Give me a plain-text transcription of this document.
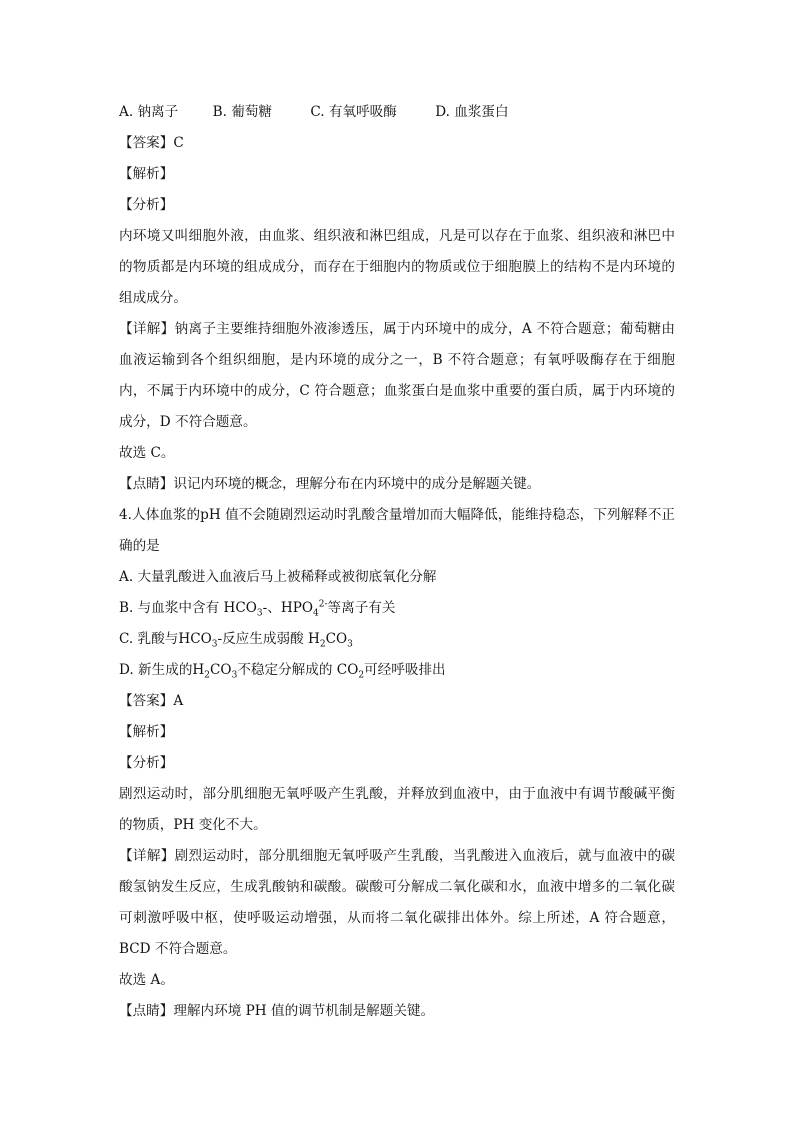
A. 钠离子	B. 葡萄糖	C. 有氧呼吸酶	D. 血浆蛋白
【答案】C
【解析】
【分析】
内环境又叫细胞外液，由血浆、组织液和淋巴组成，凡是可以存在于血浆、组织液和淋巴中的物质都是内环境的组成成分，而存在于细胞内的物质或位于细胞膜上的结构不是内环境的组成成分。
【详解】钠离子主要维持细胞外液渗透压，属于内环境中的成分，A 不符合题意；葡萄糖由血液运输到各个组织细胞，是内环境的成分之一，B 不符合题意；有氧呼吸酶存在于细胞内，不属于内环境中的成分，C 符合题意；血浆蛋白是血浆中重要的蛋白质，属于内环境的成分，D 不符合题意。
故选 C。
【点睛】识记内环境的概念，理解分布在内环境中的成分是解题关键。
4.人体血浆的pH 值不会随剧烈运动时乳酸含量增加而大幅降低，能维持稳态，下列解释不正确的是
A. 大量乳酸进入血液后马上被稀释或被彻底氧化分解
B. 与血浆中含有 $HCO_3-$、$HPO_4^{2-}$等离子有关
C. 乳酸与$HCO_3-$反应生成弱酸 $H_2CO_3$
D. 新生成的$H_2CO_3$不稳定分解成的 $CO_2$可经呼吸排出
【答案】A
【解析】
【分析】
剧烈运动时，部分肌细胞无氧呼吸产生乳酸，并释放到血液中，由于血液中有调节酸碱平衡的物质，PH 变化不大。
【详解】剧烈运动时，部分肌细胞无氧呼吸产生乳酸，当乳酸进入血液后，就与血液中的碳酸氢钠发生反应，生成乳酸钠和碳酸。碳酸可分解成二氧化碳和水，血液中增多的二氧化碳可刺激呼吸中枢，使呼吸运动增强，从而将二氧化碳排出体外。综上所述，A 符合题意，BCD 不符合题意。
故选 A。
【点睛】理解内环境 PH 值的调节机制是解题关键。
